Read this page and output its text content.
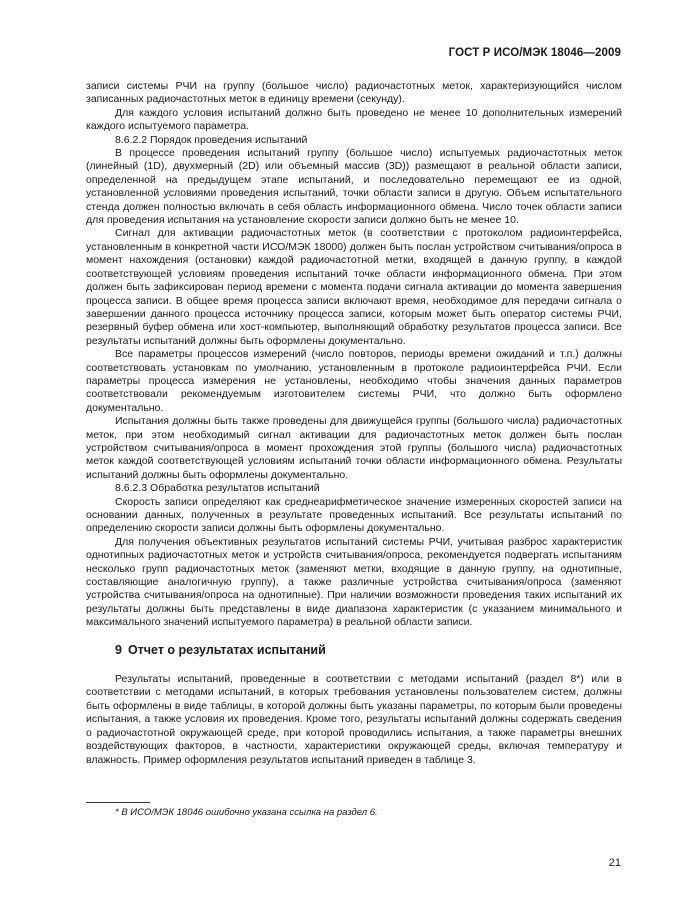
ГОСТ Р ИСО/МЭК 18046—2009

записи системы РЧИ на группу (большое число) радиочастотных меток, характеризующийся числом записанных радиочастотных меток в единицу времени (секунду).

Для каждого условия испытаний должно быть проведено не менее 10 дополнительных измерений каждого испытуемого параметра.

8.6.2.2 Порядок проведения испытаний

В процессе проведения испытаний группу (большое число) испытуемых радиочастотных меток (линейный (1D), двухмерный (2D) или объемный массив (3D)) размещают в реальной области записи, определенной на предыдущем этапе испытаний, и последовательно перемещают ее из одной, установленной условиями проведения испытаний, точки области записи в другую. Объем испытательного стенда должен полностью включать в себя область информационного обмена. Число точек области записи для проведения испытания на установление скорости записи должно быть не менее 10.

Сигнал для активации радиочастотных меток (в соответствии с протоколом радиоинтерфейса, установленным в конкретной части ИСО/МЭК 18000) должен быть послан устройством считывания/опроса в момент нахождения (остановки) каждой радиочастотной метки, входящей в данную группу, в каждой соответствующей условиям проведения испытаний точке области информационного обмена. При этом должен быть зафиксирован период времени с момента подачи сигнала активации до момента завершения процесса записи. В общее время процесса записи включают время, необходимое для передачи сигнала о завершении данного процесса источнику процесса записи, которым может быть оператор системы РЧИ, резервный буфер обмена или хост-компьютер, выполняющий обработку результатов процесса записи. Все результаты испытаний должны быть оформлены документально.

Все параметры процессов измерений (число повторов, периоды времени ожиданий и т.п.) должны соответствовать установкам по умолчанию, установленным в протоколе радиоинтерфейса РЧИ. Если параметры процесса измерения не установлены, необходимо чтобы значения данных параметров соответствовали рекомендуемым изготовителем системы РЧИ, что должно быть оформлено документально.

Испытания должны быть также проведены для движущейся группы (большого числа) радиочастотных меток, при этом необходимый сигнал активации для радиочастотных меток должен быть послан устройством считывания/опроса в момент прохождения этой группы (большого числа) радиочастотных меток каждой соответствующей условиям испытаний точки области информационного обмена. Результаты испытаний должны быть оформлены документально.

8.6.2.3 Обработка результатов испытаний

Скорость записи определяют как среднеарифметическое значение измеренных скоростей записи на основании данных, полученных в результате проведенных испытаний. Все результаты испытаний по определению скорости записи должны быть оформлены документально.

Для получения объективных результатов испытаний системы РЧИ, учитывая разброс характеристик однотипных радиочастотных меток и устройств считывания/опроса, рекомендуется подвергать испытаниям несколько групп радиочастотных меток (заменяют метки, входящие в данную группу, на однотипные, составляющие аналогичную группу), а также различные устройства считывания/опроса (заменяют устройства считывания/опроса на однотипные). При наличии возможности проведения таких испытаний их результаты должны быть представлены в виде диапазона характеристик (с указанием минимального и максимального значений испытуемого параметра) в реальной области записи.

9 Отчет о результатах испытаний

Результаты испытаний, проведенные в соответствии с методами испытаний (раздел 8*) или в соответствии с методами испытаний, в которых требования установлены пользователем систем, должны быть оформлены в виде таблицы, в которой должны быть указаны параметры, по которым были проведены испытания, а также условия их проведения. Кроме того, результаты испытаний должны содержать сведения о радиочастотной окружающей среде, при которой проводились испытания, а также параметры внешних воздействующих факторов, в частности, характеристики окружающей среды, включая температуру и влажность. Пример оформления результатов испытаний приведен в таблице 3.

* В ИСО/МЭК 18046 ошибочно указана ссылка на раздел 6.
21
